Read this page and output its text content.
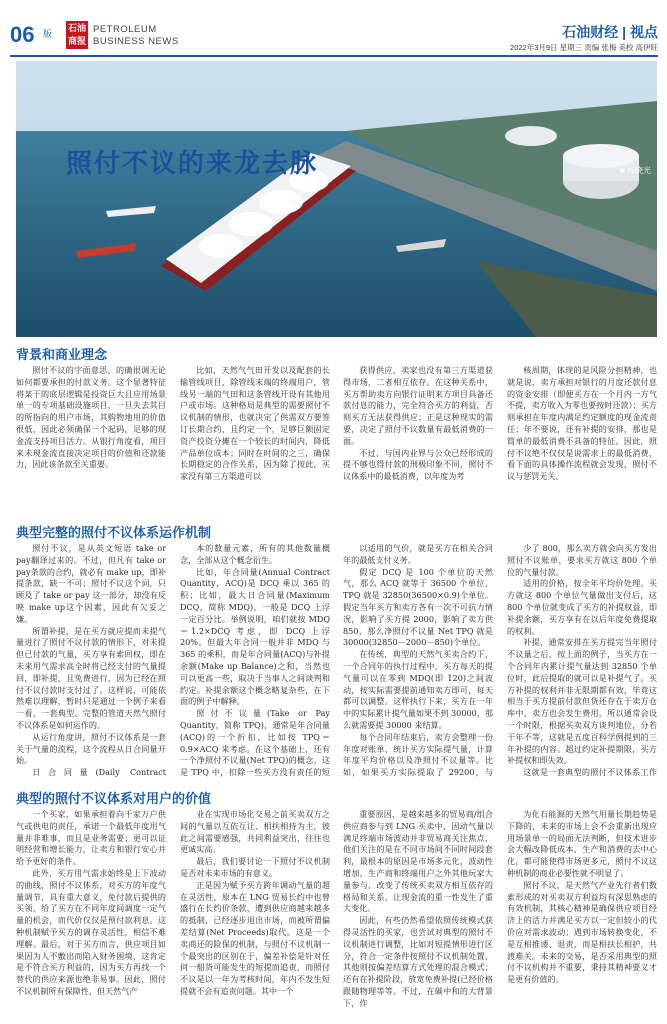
06 版
石油
商报
PETROLEUM
BUSINESS NEWS
石油财经 | 视点
2022年3月9日 星期三 责编 张梅 美校 高伊旺
照付不议的来龙去脉	■ 杨晓光
背景和商业理念

照付不议的字面意思，的确很调无论如何都要承担的付款义务。这个显著特征将某于的底层逻辑是投资巨大且应用场景单一的专项基础设施项目，一旦失去其目的所指向的用户市场，其购物地用的价值很低，因此必须确保一个起码，足够的现金流支持项目活力。从银行角度看，项目来未现金流直接决定项目的价值和还款能力，因此该条款至关重要。

比如，天然气气田开发以及配套的长输管线项目，除管线末端的终端用户，管线另一端的气田和这条管线开设有其他用户或市场。这种格局是典型的需要照付不议机制的情形，也就决定了供需双方要签订长期合约，且约定一个，足够巨额固定资产投资分摊在一个较长的时间内，降低产品单位成本；同时在时间的之三，确保长期稳定的合作关系，因为除了按此，买家没有第三方渠道可以

获得供应，卖家也没有第三方渠道获得市场，二者相互依存。在这种关系中，买方帮助卖方向银行证明来方项目具备还款付息的能力，完全符合买方的利益，否则买方无法获得供应；正是这种现实的需要，决定了照付不议数量有最低消费的一面。

不过，与国内业界与公众已经形成的提不够也得付款的刑极印象不同，照付不议体系中的最低消费，以年度为考

核周期，体现的是风险分担精神，也就是说，卖方承担对银行的月度还款付息的资金安排（即便买方在一个月内一方气不提，卖方收入为零也要按时还款）；买方则承担在年度内满足约定额度的现金流责任；年不要说，还有补提的安排，那也是简单的最低消费不具备的特征。因此，照付不议绝不仅仅是说需求上的最低消费，看下面的具体操作流程就会发现，照付不议与惩罚无关。

典型完整的照付不议体系运作机制

照付不议，是从英文短语 take or pay翻译过来的。不过，但凡有 take or pay条款的合约，就必有 make up，即补提条款，缺一不可；照付不议这个词，只顾及了 take or pay 这一部分，却没有反映 make up这个因素，因此有欠妥之嫌。

所谓补提，是在买方就应提而未提气量进行了照付不议付款的情形下，对未提但已付款的气量，买方享有索回权，即在未来用气需求高全时将已经支付的气量提回，即补提，且免费进行，因为已经在照付不议付款时支付过了。这样说，可能依然难以理解，暂时只是通过一个例子来看一看，一套典型、完整的管道天然气照付不议体系是如何运作的。

从运行角度讲，照付不议体系是一套关于气量的流程，这个流程从日合同量开始。

日合同量(Daily Contract

本的数量元素，所有的其他数量概念，全部从这个概念衍生。

比如，年合同量(Annual Contract Quantity，ACQ)是 DCQ 乘以 365 的积；比如，最大日合同量(Maximum DCQ，简称 MDQ)，一般是 DCQ 上浮一定百分比。举例说明，咱们就按 MDQ＝1.2×DCQ 考虑，即 DCQ 上浮 20%。但最大年合同一般并非 MDQ 与 365 的乘积，而是年合同量(ACQ)与补提余额(Make up Balance)之和，当然也可以更高一些，取决于当事人之间谈判和约定。补提余额这个概念略复杂些，在下面的例子中解释。

照付不议量(Take or Pay Quantity，简称 TPQ)，通常是年合同量(ACQ)的一个折扣，比如按 TPQ＝0.9×ACQ 来考虑。在这个基础上，还有一个净照付不议量(Net TPQ)的概念，这是 TPQ 中，扣除一些买方没有责任的短

以适用的气价，就是买方在相关合同年的最低支付义务。

假定 DCQ 是 100 个单位的天然气，那么 ACQ 就等于 36500 个单位，TPQ 就是 32850(36500×0.9)个单位。假定当年买方和卖方各有一次不可抗力情况，影响了买方提 2000，影响了卖方供 850，那么净照付不议量 Net TPQ 就是 30000(32850－2000－850)个单位。

在传统，典型的天然气买卖合约下，一个合同年的执行过程中，买方每天的提气量可以在零到 MDQ(即 120)之间波动，按实际需要提前通知卖方即可，每天都可以调整。这样执行下来，买方在一年中的实际累计提气量如果不到 30000，那么就需要提 30000 来结算。

每个合同年结束后，卖方会整理一份年度对账单，统计买方实际提气量，计算年度平均价格以及净照付不议量等。比如，如果买方实际提取了 29200，与

少了 800，那么卖方就会向买方发出照付不议账单，要求买方就这 800 个单位的气量付款。

适用的价格，按全年平均价处理。买方就这 800 个单位气量做出支付后，这 800 个单位就变成了买方的补提权益，即补提余额，买方享有在以后年度免费提取的权利。

补提，通常安排在买方提完当年照付不议量之后，按上面的例子，当买方在一个合同年内累计提气量达到 32850 个单位时，此后提取的就可以是补提气了。买方补提的权利并非无限期都有效，毕竟这相当于买方提前付款但货还存在于卖方仓库中，卖方也会发生费用，所以通常会设一个时限，根据买卖双方谈判地位，分若干年不等，这就是五度百科学例提到的三年补提的内容。超过约定补提期限，买方补提权和即失效。

这就是一套典型的照付不议体系工作

典型的照付不议体系对用户的价值

一个买家，如果承担着向千家万户供气或供电的责任，承诺一个最低年度用气量并非难事，而且是业务需要；更可以证明经营和增长能力，让卖方和银行安心并给予更好的条件。

此外，买方用气需求始终是上下波动的曲线，照付不议体系，对买方的年度气量调节，具有重大意义，免付款后提供的买领，给了买方在不同年度间调度一定气量的机会，而代价仅仅是预付款利息。这种机制赋予买方的调存灵活性，相信不难理解。最后，对于买方而言，供应项目如果因为人不敷出而陷入财务困境，这肯定是不符合买方利益的，因为买方再找一个替代的供应来源也绝非易事。因此，照付不议机制所有保障性，但天然气产

业在实现市场化交易之前买卖双方之间的气量以互依互让、相扶相持为主，彼此之间需要感强，共同利益突出，往往也更诚实高。

最后，我们要讨论一下照付不议机制是否对未来市场的有意义。

正是因为赋予买方跨年调动气量的超在灵活性，原本在 LNG 贸易长约中也曾盛行在长约价条款，遭到供应商越来越多的抵制，已经逐步退出市场，而被所谓偏差结算(Net Proceeds)取代。这是一个卖商还的险保的机制，与照付不议机制一个最突出的区别在于，偏差补偿是针对任何一船货可能发生的短提而追责，而照付不议是以一年为考核时间，年内不发生短提就不会有追责问题。其中一个

重要原因，是越来越多的贸易商/组合供应商参与到 LNG 买卖中，因动气量以满足终端市场波动并非贸易商关注焦点，他们关注的是在不同市场间不同时间段套利，最根本的原因是市场多元化，波动性增加，生产商和终端用户之外其他玩家大量参与，改变了传统买卖双方相互依存的格局和关系，让现金流的重一性发生了重大变化。

因此，有些仍然希望依照传统模式获得灵活性的买家，也尝试对典型的照付不议机制进行调整，比如对短提情形进行区分，符合一定条件按照付不议机制处置，其他则按偏差结算方式处理的混合模式；还有在补提阶段，放宽免费补提(已经价格跟随物理等等。不过，在碳中和的大背景下，作

为化石能源的天然气用量长期趋势是下降的，未来的市场上会不会重新出现应用场景单一的局面无法判断，但技术进步会大幅改降低成本，生产和消费的去中心化，都可能使得市场更多元，照付不议这种机制的商业必要性就不明显了。

照付不议，是天然气产业先行者们数索形成的对买卖双方利益均有深思熟虑的有效机制，其核心精神是确保供应项目经济上的活力并满足买方以一定但较小的代价应对需求波动；遇到市场转换变化，不是互相推诿、退责，而是相扶长相护，共渡难关。未来的交易，是否采用典型的照付不议机构并不重要，秉持其精神要义才是更有价值的。
